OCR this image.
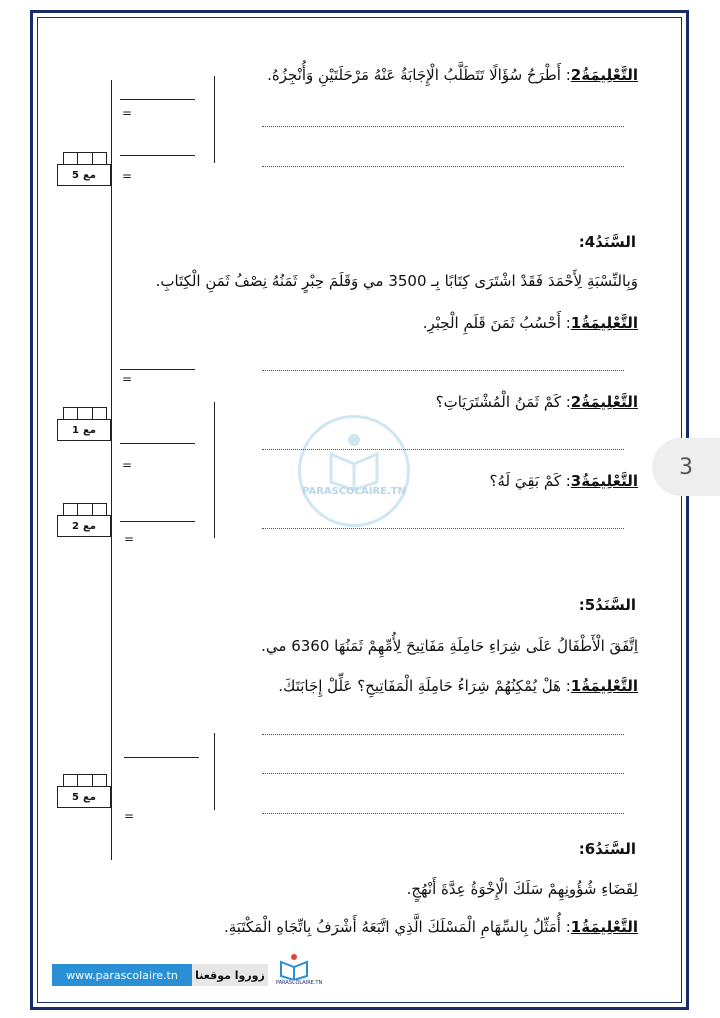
PARASCOLAIRE.TN
التَّعْلِيمَةُ2: أَطْرَحُ سُؤَالًا تَتَطَلَّبُ الْإِجَابَةُ عَنْهُ مَرْحَلَتَيْنِ وَأُنْجِزُهُ.
السَّنَدُ4:
وَبِالنِّسْبَةِ لِأَحْمَدَ فَقَدْ اشْتَرَى كِتَابًا بِـ 3500 مي وَقَلَمَ حِبْرٍ ثَمَنُهُ نِصْفُ ثَمَنِ الْكِتَابِ.
التَّعْلِيمَةُ1: أَحْسُبُ ثَمَنَ قَلَمِ الْحِبْرِ.
التَّعْلِيمَةُ2: كَمْ ثَمَنُ الْمُشْتَرَيَاتِ؟
التَّعْلِيمَةُ3: كَمْ بَقِيَ لَهُ؟
السَّنَدُ5:
اِتَّفَقَ الْأَطْفَالُ عَلَى شِرَاءِ حَامِلَةِ مَفَاتِيحَ لِأُمِّهِمْ ثَمَنُهَا 6360 مي.
التَّعْلِيمَةُ1: هَلْ يُمْكِنُهُمْ شِرَاءُ حَامِلَةِ الْمَفَاتِيحِ؟ عَلِّلْ إِجَابَتَكَ.
السَّنَدُ6:
لِقَضَاءِ شُؤُونِهِمْ سَلَكَ الْإِخْوَةُ عِدَّةَ أَنْهُجٍ.
التَّعْلِيمَةُ1: أُمَثِّلُ بِالسِّهَامِ الْمَسْلَكَ الَّذِي اتَّبَعَهُ أَشْرَفُ بِاتِّجَاهِ الْمَكْتَبَةِ.
=
=
=
=
=
=
مع
5
مع
1
مع
2
مع
5
3
www.parascolaire.tn	زوروا موقعنا
PARASCOLAIRE.TN
